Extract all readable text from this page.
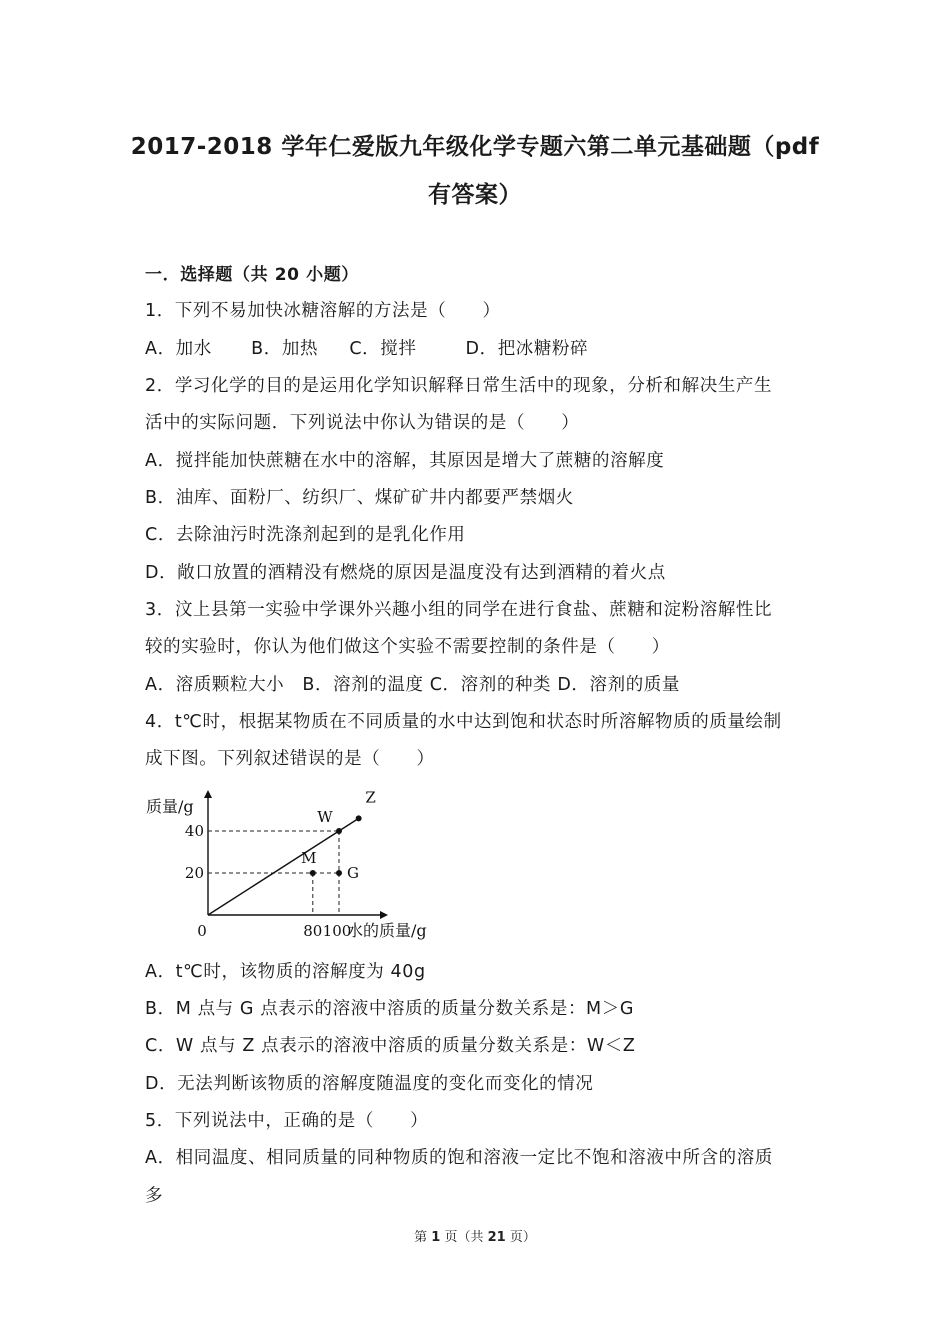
2017-2018 学年仁爱版九年级化学专题六第二单元基础题（pdf
有答案）
一．选择题（共 20 小题）
1．下列不易加快冰糖溶解的方法是（　　）
A．加水 B．加热 C．搅拌	D．把冰糖粉碎
2．学习化学的目的是运用化学知识解释日常生活中的现象，分析和解决生产生
活中的实际问题．下列说法中你认为错误的是（　　）
A．搅拌能加快蔗糖在水中的溶解，其原因是增大了蔗糖的溶解度
B．油库、面粉厂、纺织厂、煤矿矿井内都要严禁烟火
C．去除油污时洗涤剂起到的是乳化作用
D．敞口放置的酒精没有燃烧的原因是温度没有达到酒精的着火点
3．汶上县第一实验中学课外兴趣小组的同学在进行食盐、蔗糖和淀粉溶解性比
较的实验时，你认为他们做这个实验不需要控制的条件是（　　）
A．溶质颗粒大小　B．溶剂的温度 C．溶剂的种类 D．溶剂的质量
4．t℃时，根据某物质在不同质量的水中达到饱和状态时所溶解物质的质量绘制
成下图。下列叙述错误的是（　　）
质量/g
水的质量/g
0	80 100
40
20
W
Z
M
G
A．t℃时，该物质的溶解度为 40g
B．M 点与 G 点表示的溶液中溶质的质量分数关系是：M＞G
C．W 点与 Z 点表示的溶液中溶质的质量分数关系是：W＜Z
D．无法判断该物质的溶解度随温度的变化而变化的情况
5．下列说法中，正确的是（　　）
A．相同温度、相同质量的同种物质的饱和溶液一定比不饱和溶液中所含的溶质
多
第 1 页（共 21 页）
